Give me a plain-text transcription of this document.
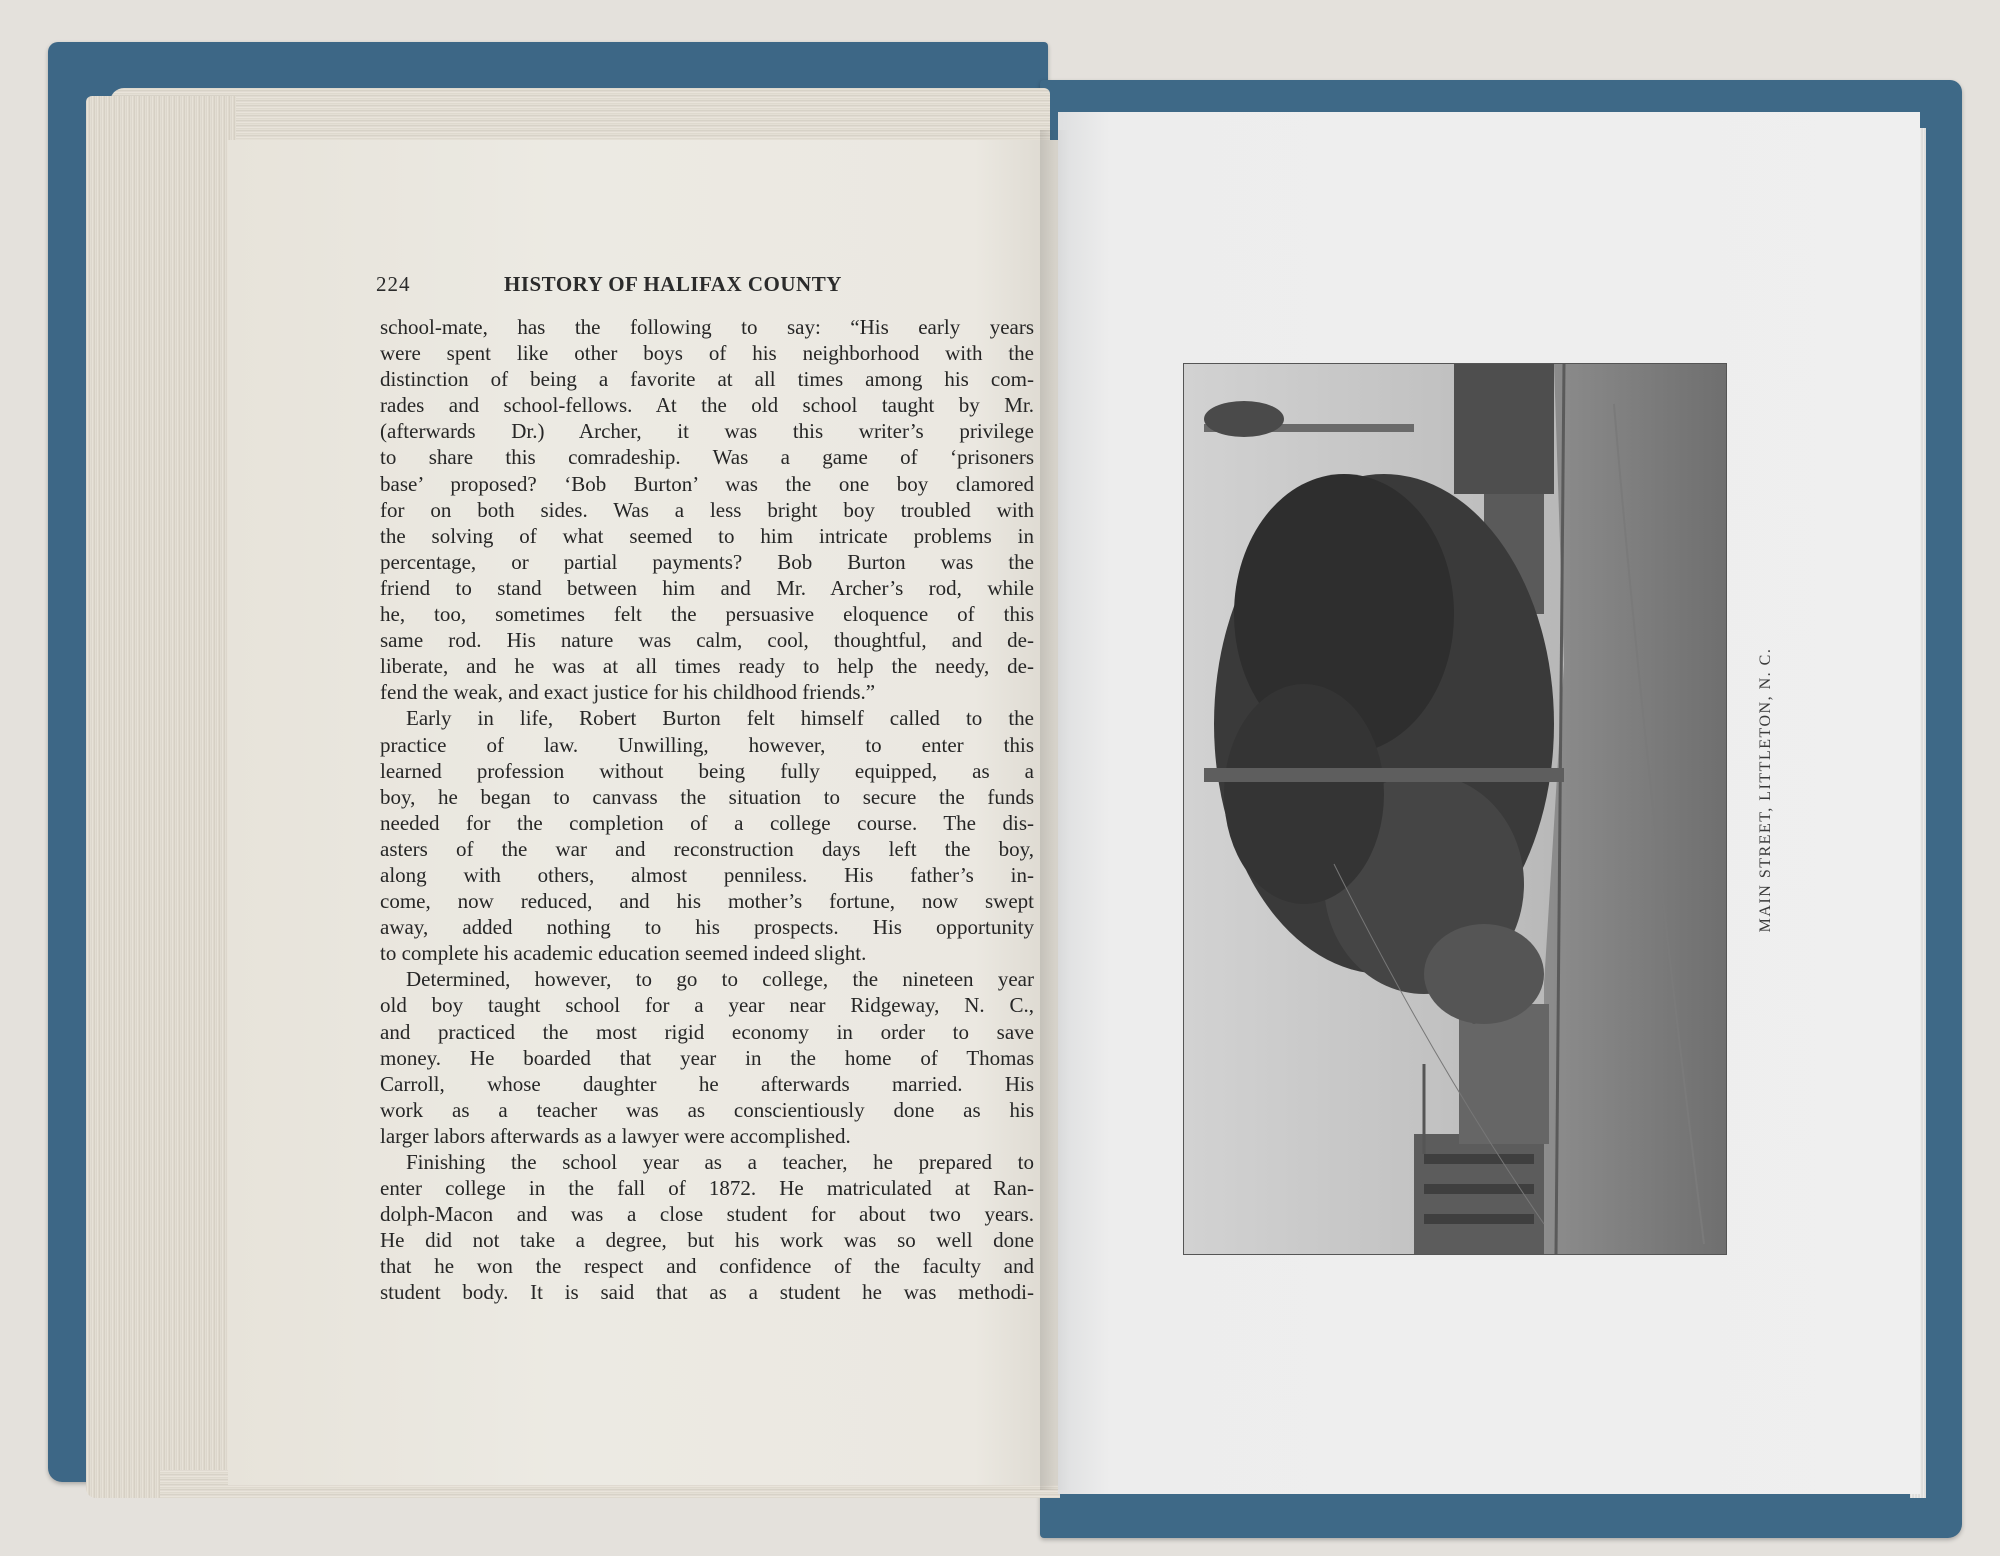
224	HISTORY OF HALIFAX COUNTY
school-mate, has the following to say: “His early years
were spent like other boys of his neighborhood with the
distinction of being a favorite at all times among his com-
rades and school-fellows. At the old school taught by Mr.
(afterwards Dr.) Archer, it was this writer’s privilege
to share this comradeship. Was a game of ‘prisoners
base’ proposed? ‘Bob Burton’ was the one boy clamored
for on both sides. Was a less bright boy troubled with
the solving of what seemed to him intricate problems in
percentage, or partial payments? Bob Burton was the
friend to stand between him and Mr. Archer’s rod, while
he, too, sometimes felt the persuasive eloquence of this
same rod. His nature was calm, cool, thoughtful, and de-
liberate, and he was at all times ready to help the needy, de-
fend the weak, and exact justice for his childhood friends.”
Early in life, Robert Burton felt himself called to the
practice of law. Unwilling, however, to enter this
learned profession without being fully equipped, as a
boy, he began to canvass the situation to secure the funds
needed for the completion of a college course. The dis-
asters of the war and reconstruction days left the boy,
along with others, almost penniless. His father’s in-
come, now reduced, and his mother’s fortune, now swept
away, added nothing to his prospects. His opportunity
to complete his academic education seemed indeed slight.
Determined, however, to go to college, the nineteen year
old boy taught school for a year near Ridgeway, N. C.,
and practiced the most rigid economy in order to save
money. He boarded that year in the home of Thomas
Carroll, whose daughter he afterwards married. His
work as a teacher was as conscientiously done as his
larger labors afterwards as a lawyer were accomplished.
Finishing the school year as a teacher, he prepared to
enter college in the fall of 1872. He matriculated at Ran-
dolph-Macon and was a close student for about two years.
He did not take a degree, but his work was so well done
that he won the respect and confidence of the faculty and
student body. It is said that as a student he was methodi-
MAIN STREET, LITTLETON, N. C.
